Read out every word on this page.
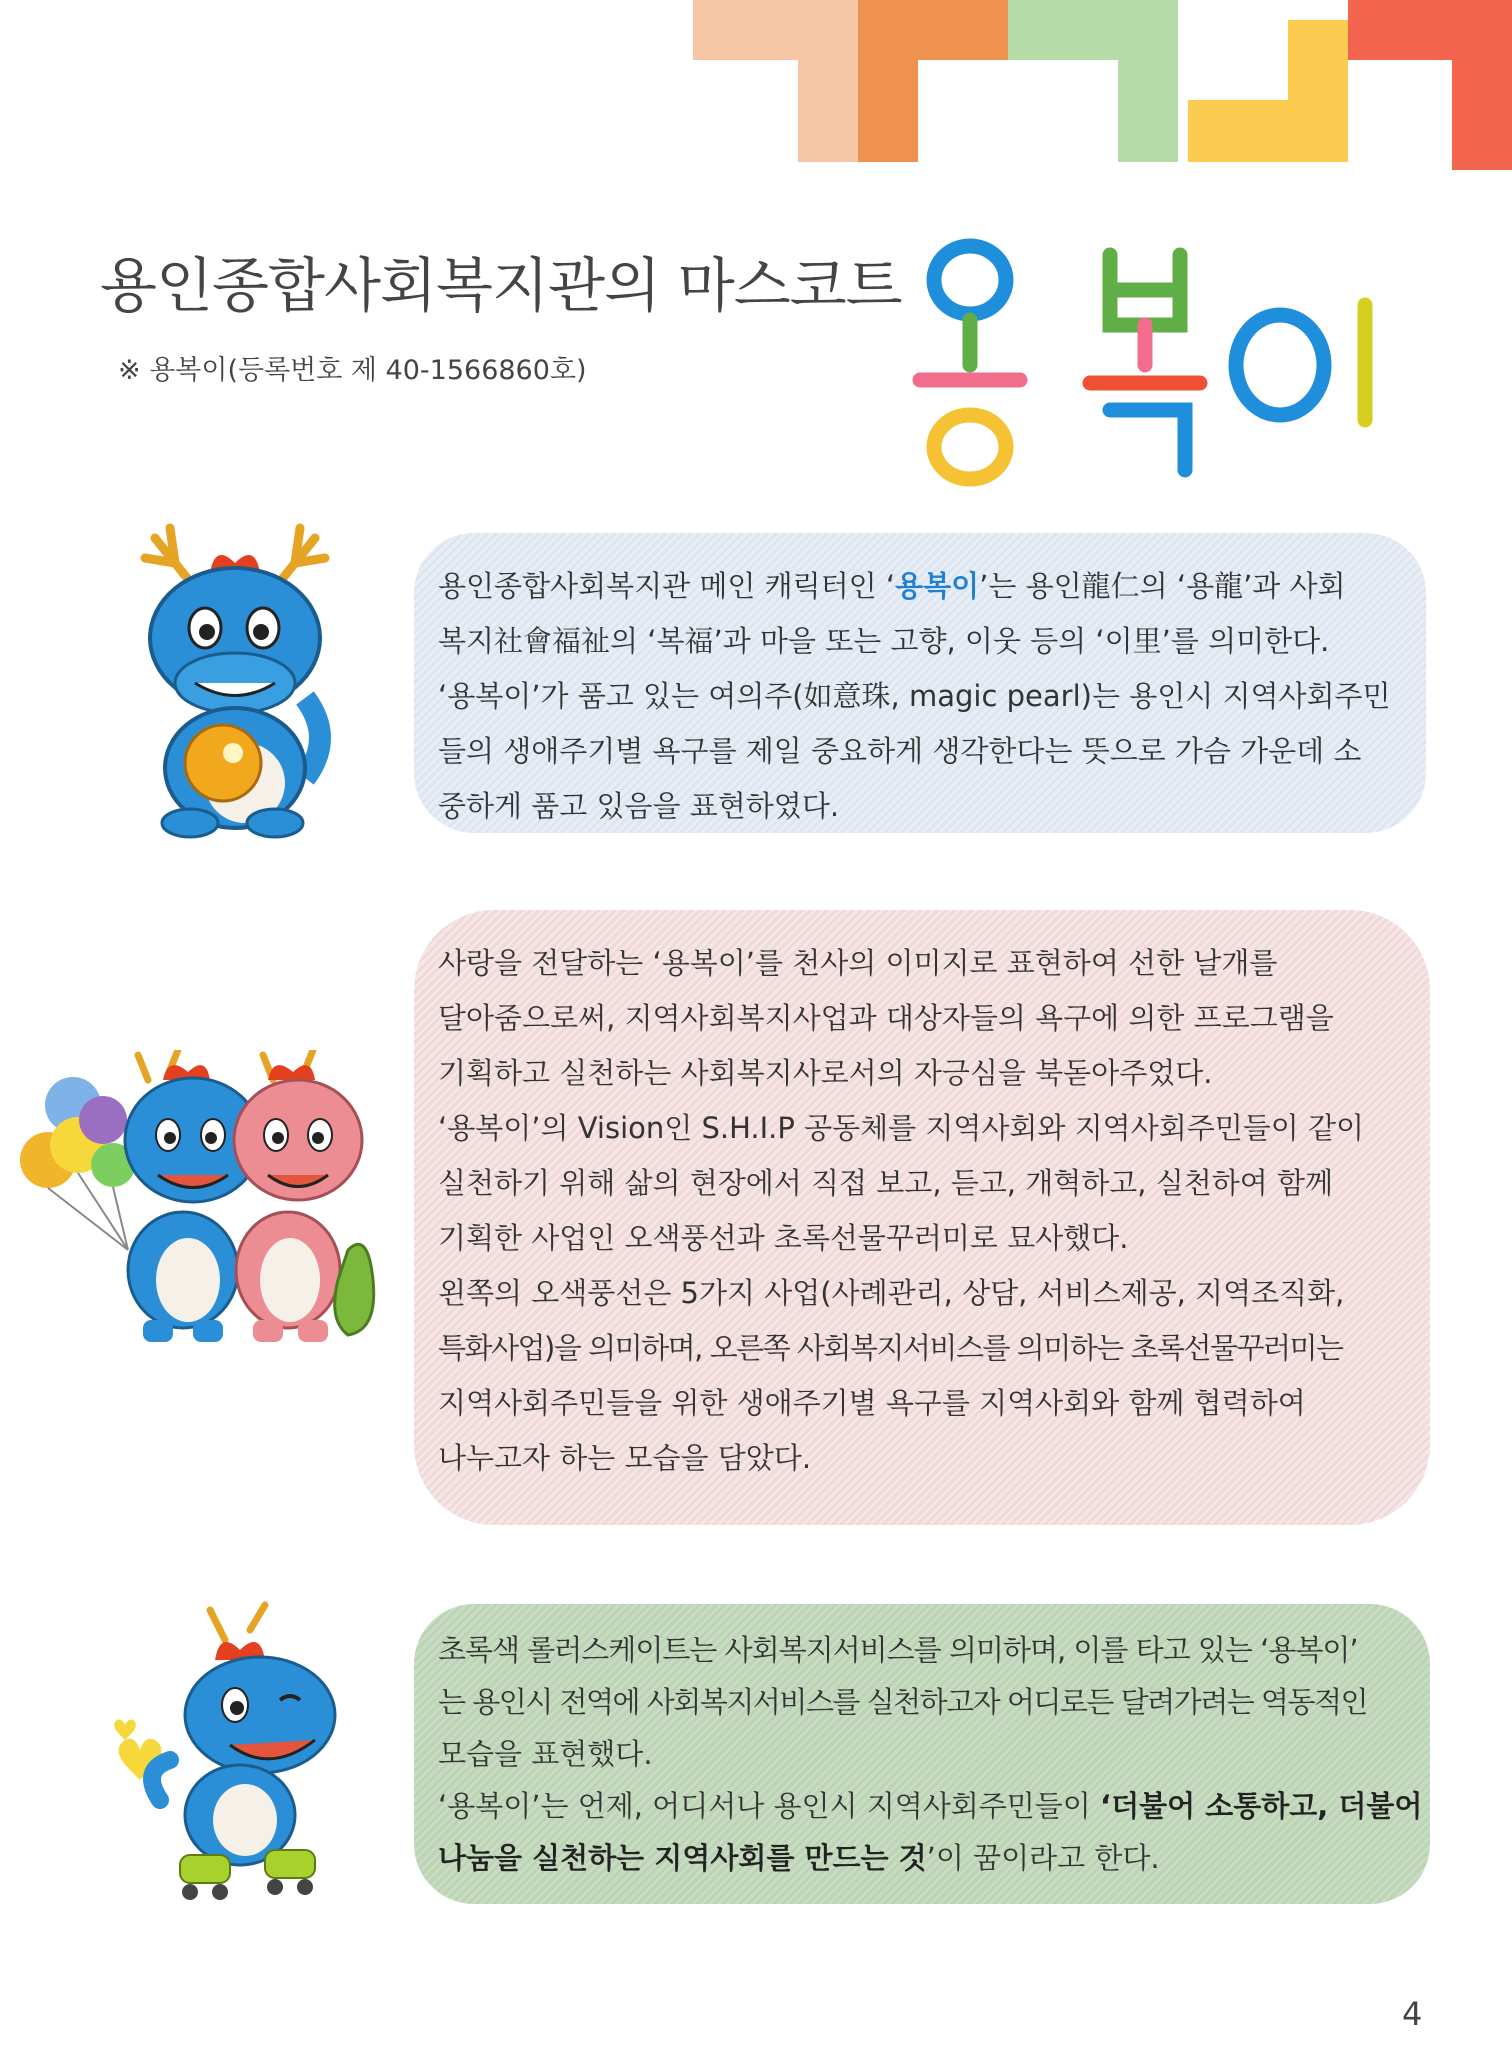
용인종합사회복지관의 마스코트
※ 용복이(등록번호 제 40-1566860호)

용인종합사회복지관 메인 캐릭터인 ‘용복이’는 용인龍仁의 ‘용龍’과 사회

복지社會福祉의 ‘복福’과 마을 또는 고향, 이웃 등의 ‘이里’를 의미한다.

‘용복이’가 품고 있는 여의주(如意珠, magic pearl)는 용인시 지역사회주민

들의 생애주기별 욕구를 제일 중요하게 생각한다는 뜻으로 가슴 가운데 소

중하게 품고 있음을 표현하였다.

사랑을 전달하는 ‘용복이’를 천사의 이미지로 표현하여 선한 날개를

달아줌으로써, 지역사회복지사업과 대상자들의 욕구에 의한 프로그램을

기획하고 실천하는 사회복지사로서의 자긍심을 북돋아주었다.

‘용복이’의 Vision인 S.H.I.P 공동체를 지역사회와 지역사회주민들이 같이

실천하기 위해 삶의 현장에서 직접 보고, 듣고, 개혁하고, 실천하여 함께

기획한 사업인 오색풍선과 초록선물꾸러미로 묘사했다.

왼쪽의 오색풍선은 5가지 사업(사례관리, 상담, 서비스제공, 지역조직화,

특화사업)을 의미하며, 오른쪽 사회복지서비스를 의미하는 초록선물꾸러미는

지역사회주민들을 위한 생애주기별 욕구를 지역사회와 함께 협력하여

나누고자 하는 모습을 담았다.

초록색 롤러스케이트는 사회복지서비스를 의미하며, 이를 타고 있는 ‘용복이’

는 용인시 전역에 사회복지서비스를 실천하고자 어디로든 달려가려는 역동적인

모습을 표현했다.

‘용복이’는 언제, 어디서나 용인시 지역사회주민들이 ‘더불어 소통하고, 더불어

나눔을 실천하는 지역사회를 만드는 것’이 꿈이라고 한다.

4
